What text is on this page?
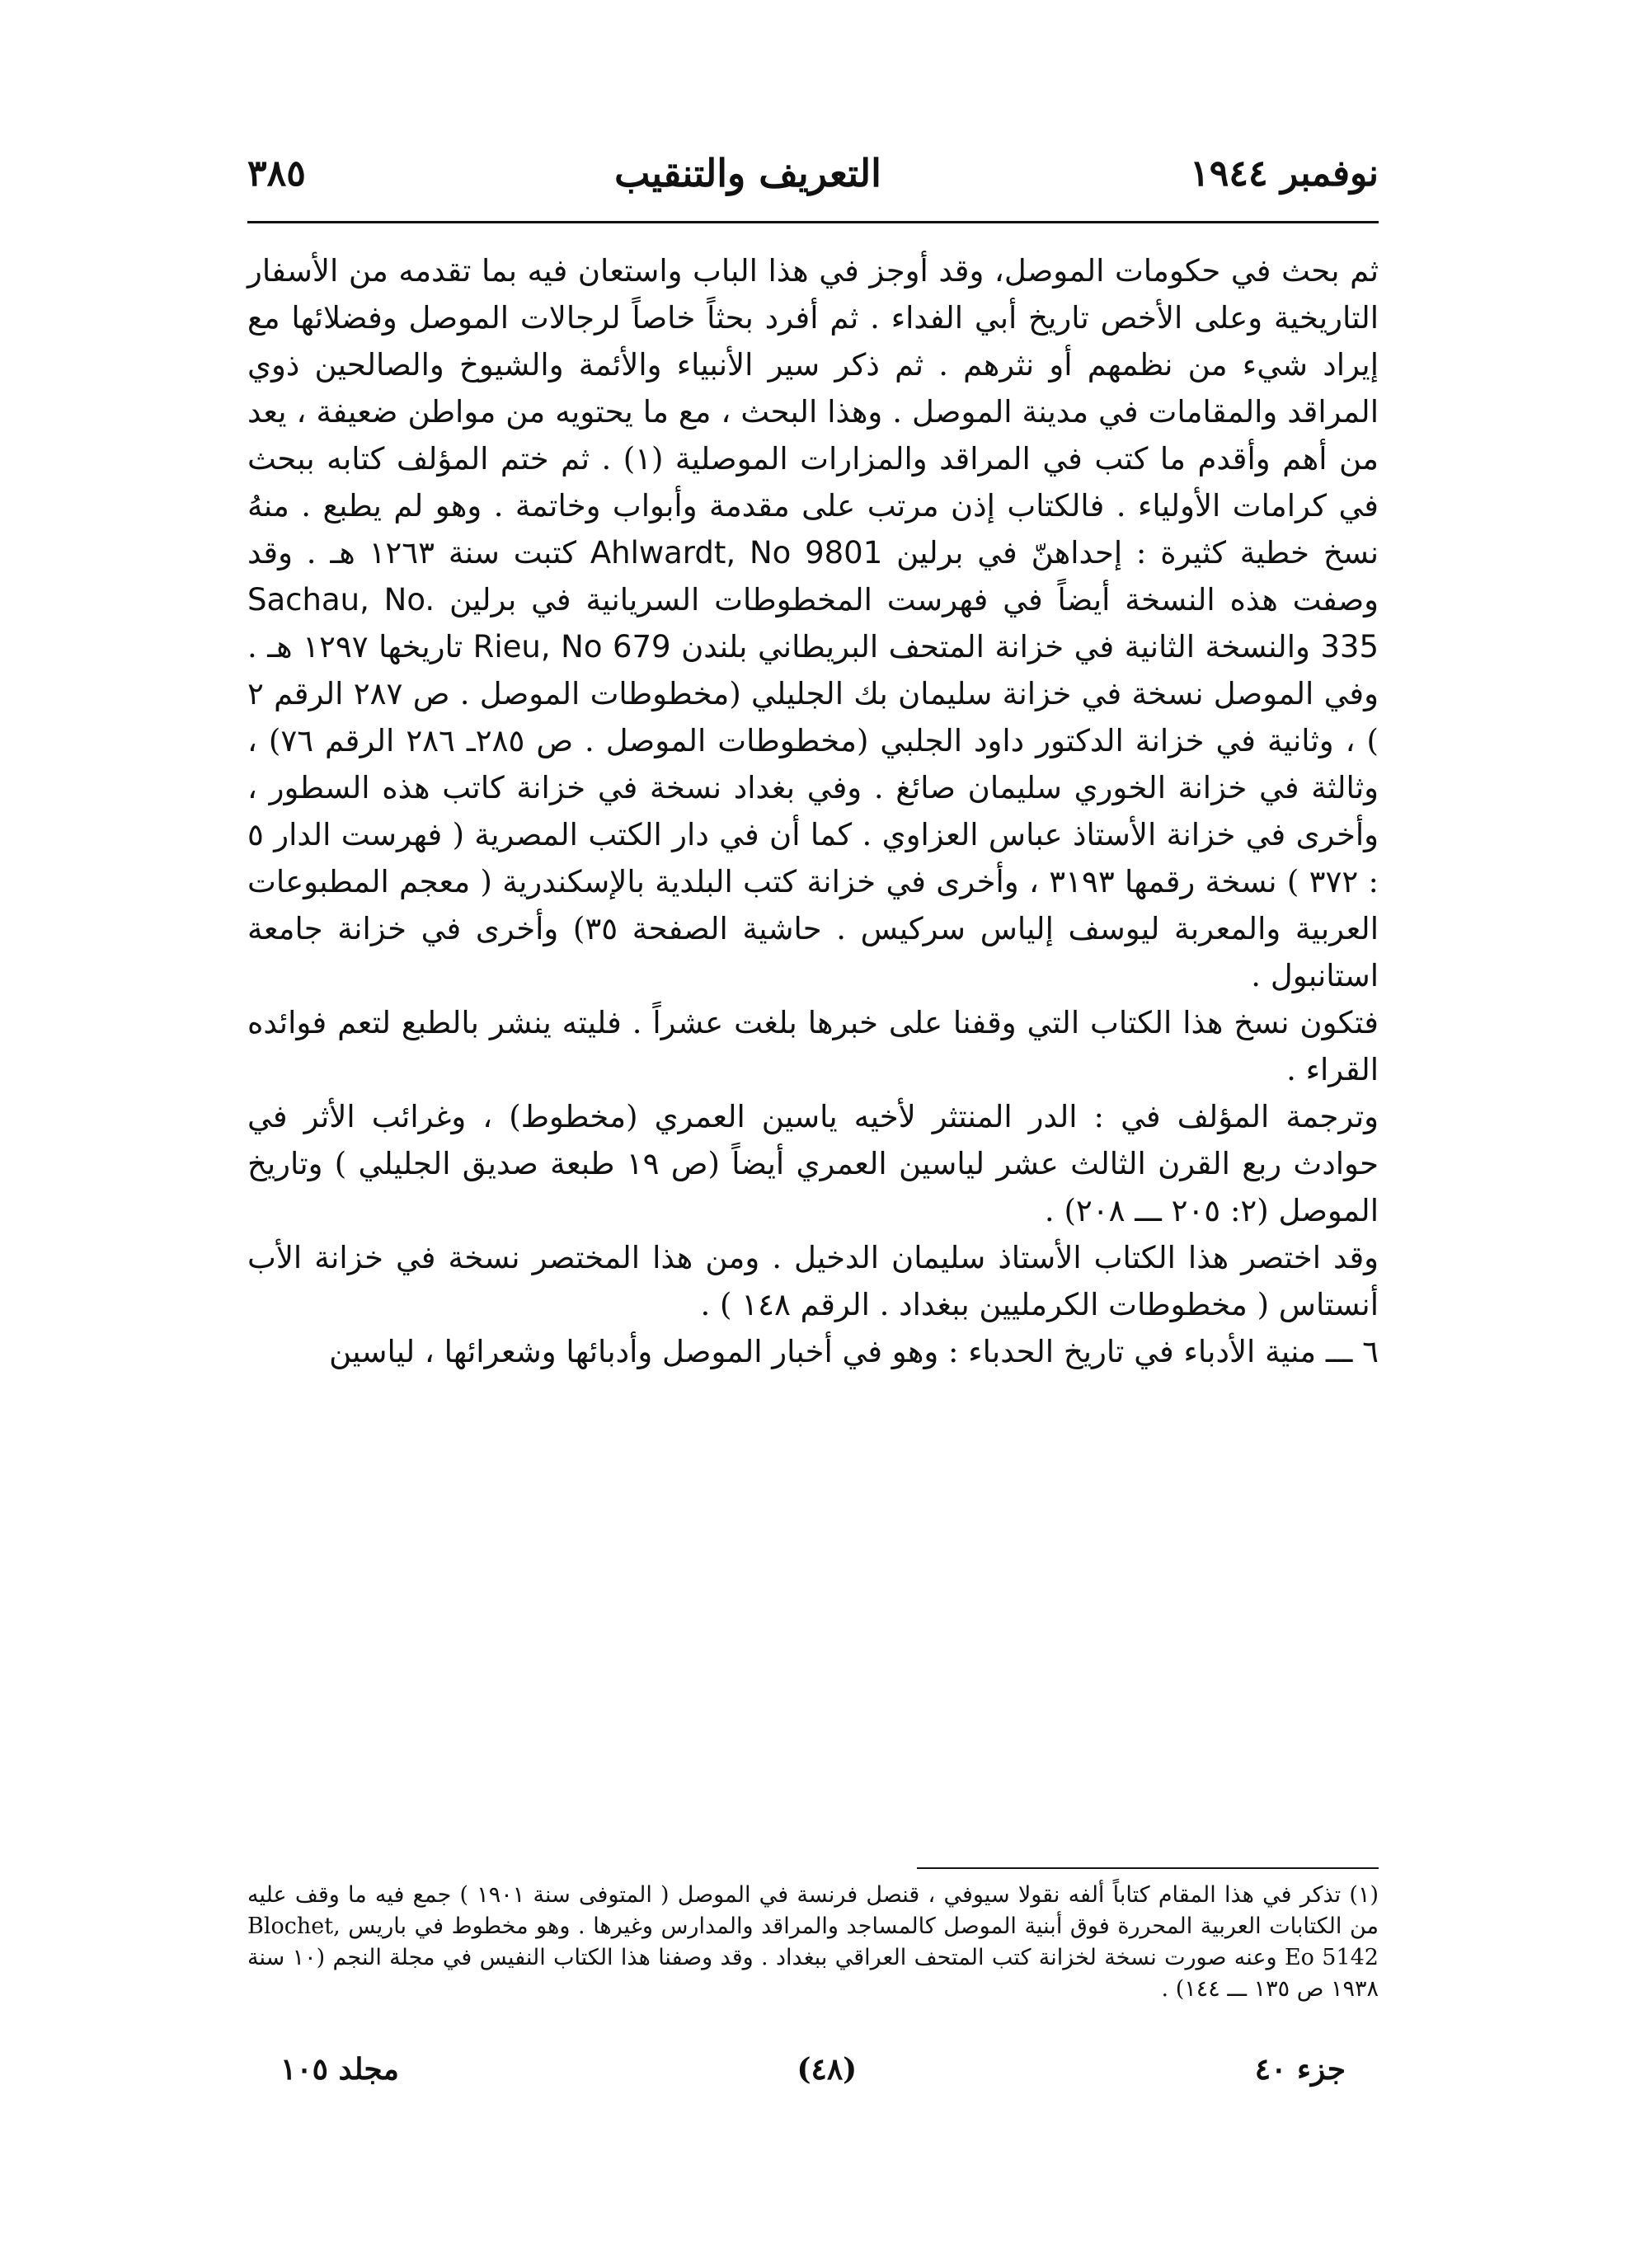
نوفمبر ١٩٤٤
التعريف والتنقيب
٣٨٥

ثم بحث في حكومات الموصل، وقد أوجز في هذا الباب واستعان فيه بما تقدمه من الأسفار التاريخية وعلى الأخص تاريخ أبي الفداء . ثم أفرد بحثاً خاصاً لرجالات الموصل وفضلائها مع إيراد شيء من نظمهم أو نثرهم . ثم ذكر سير الأنبياء والأئمة والشيوخ والصالحين ذوي المراقد والمقامات في مدينة الموصل . وهذا البحث ، مع ما يحتويه من مواطن ضعيفة ، يعد من أهم وأقدم ما كتب في المراقد والمزارات الموصلية (١) . ثم ختم المؤلف كتابه ببحث في كرامات الأولياء . فالكتاب إذن مرتب على مقدمة وأبواب وخاتمة . وهو لم يطبع . منهُ نسخ خطية كثيرة : إحداهنّ في برلين Ahlwardt, No 9801 كتبت سنة ١٢٦٣ هـ . وقد وصفت هذه النسخة أيضاً في فهرست المخطوطات السريانية في برلين Sachau, No. 335 والنسخة الثانية في خزانة المتحف البريطاني بلندن Rieu, No 679 تاريخها ١٢٩٧ هـ . وفي الموصل نسخة في خزانة سليمان بك الجليلي (مخطوطات الموصل . ص ٢٨٧ الرقم ٢ ) ، وثانية في خزانة الدكتور داود الجلبي (مخطوطات الموصل . ص ٢٨٥ـ ٢٨٦ الرقم ٧٦) ، وثالثة في خزانة الخوري سليمان صائغ . وفي بغداد نسخة في خزانة كاتب هذه السطور ، وأخرى في خزانة الأستاذ عباس العزاوي . كما أن في دار الكتب المصرية ( فهرست الدار ٥ : ٣٧٢ ) نسخة رقمها ٣١٩٣ ، وأخرى في خزانة كتب البلدية بالإسكندرية ( معجم المطبوعات العربية والمعربة ليوسف إلياس سركيس . حاشية الصفحة ٣٥) وأخرى في خزانة جامعة استانبول .

فتكون نسخ هذا الكتاب التي وقفنا على خبرها بلغت عشراً . فليته ينشر بالطبع لتعم فوائده القراء .

وترجمة المؤلف في : الدر المنتثر لأخيه ياسين العمري (مخطوط) ، وغرائب الأثر في حوادث ربع القرن الثالث عشر لياسين العمري أيضاً (ص ١٩ طبعة صديق الجليلي ) وتاريخ الموصل (٢: ٢٠٥ ـــ ٢٠٨) .

وقد اختصر هذا الكتاب الأستاذ سليمان الدخيل . ومن هذا المختصر نسخة في خزانة الأب أنستاس ( مخطوطات الكرمليين ببغداد . الرقم ١٤٨ ) .

٦ ـــ منية الأدباء في تاريخ الحدباء : وهو في أخبار الموصل وأدبائها وشعرائها ، لياسين

(١) تذكر في هذا المقام كتاباً ألفه نقولا سيوفي ، قنصل فرنسة في الموصل ( المتوفى سنة ١٩٠١ ) جمع فيه ما وقف عليه من الكتابات العربية المحررة فوق أبنية الموصل كالمساجد والمراقد والمدارس وغيرها . وهو مخطوط في باريس Blochet, Eo 5142 وعنه صورت نسخة لخزانة كتب المتحف العراقي ببغداد . وقد وصفنا هذا الكتاب النفيس في مجلة النجم (١٠ سنة ١٩٣٨ ص ١٣٥ ـــ ١٤٤) .

جزء ٤٠
(٤٨)
مجلد ١٠٥
